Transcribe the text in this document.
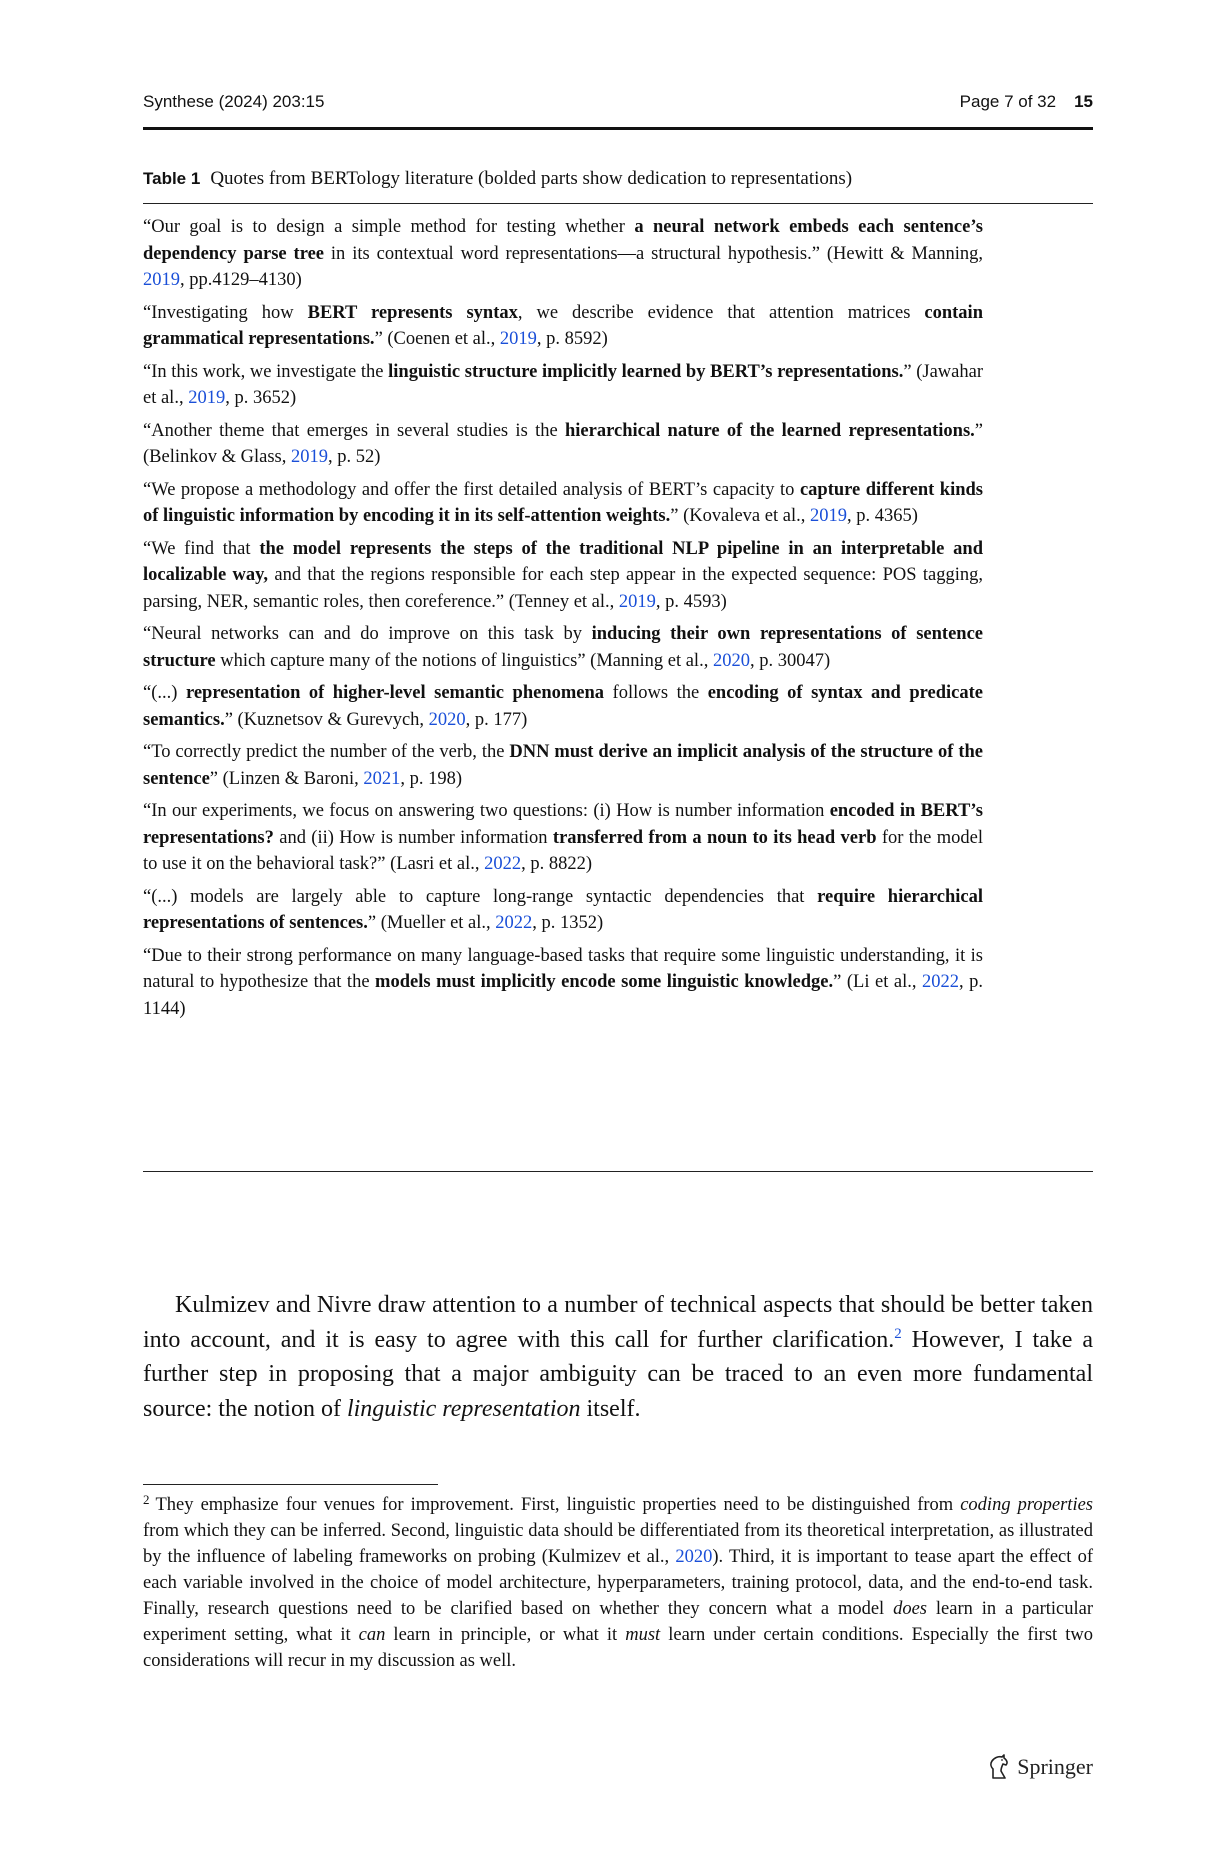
Synthese (2024) 203:15	Page 7 of 32 15
Table 1 Quotes from BERTology literature (bolded parts show dedication to representations)
“Our goal is to design a simple method for testing whether a neural network embeds each sentence’s dependency parse tree in its contextual word representations—a structural hypothesis.” (Hewitt & Manning, 2019, pp.4129–4130)
“Investigating how BERT represents syntax, we describe evidence that attention matrices contain grammatical representations.” (Coenen et al., 2019, p. 8592)
“In this work, we investigate the linguistic structure implicitly learned by BERT’s representations.” (Jawahar et al., 2019, p. 3652)
“Another theme that emerges in several studies is the hierarchical nature of the learned representations.” (Belinkov & Glass, 2019, p. 52)
“We propose a methodology and offer the first detailed analysis of BERT’s capacity to capture different kinds of linguistic information by encoding it in its self-attention weights.” (Kovaleva et al., 2019, p. 4365)
“We find that the model represents the steps of the traditional NLP pipeline in an interpretable and localizable way, and that the regions responsible for each step appear in the expected sequence: POS tagging, parsing, NER, semantic roles, then coreference.” (Tenney et al., 2019, p. 4593)
“Neural networks can and do improve on this task by inducing their own representations of sentence structure which capture many of the notions of linguistics” (Manning et al., 2020, p. 30047)
“(...) representation of higher-level semantic phenomena follows the encoding of syntax and predicate semantics.” (Kuznetsov & Gurevych, 2020, p. 177)
“To correctly predict the number of the verb, the DNN must derive an implicit analysis of the structure of the sentence” (Linzen & Baroni, 2021, p. 198)
“In our experiments, we focus on answering two questions: (i) How is number information encoded in BERT’s representations? and (ii) How is number information transferred from a noun to its head verb for the model to use it on the behavioral task?” (Lasri et al., 2022, p. 8822)
“(...) models are largely able to capture long-range syntactic dependencies that require hierarchical representations of sentences.” (Mueller et al., 2022, p. 1352)
“Due to their strong performance on many language-based tasks that require some linguistic understanding, it is natural to hypothesize that the models must implicitly encode some linguistic knowledge.” (Li et al., 2022, p. 1144)
Kulmizev and Nivre draw attention to a number of technical aspects that should be better taken into account, and it is easy to agree with this call for further clarification.$^2$ However, I take a further step in proposing that a major ambiguity can be traced to an even more fundamental source: the notion of linguistic representation itself.
$^2$ They emphasize four venues for improvement. First, linguistic properties need to be distinguished from coding properties from which they can be inferred. Second, linguistic data should be differentiated from its theoretical interpretation, as illustrated by the influence of labeling frameworks on probing (Kulmizev et al., 2020). Third, it is important to tease apart the effect of each variable involved in the choice of model architecture, hyperparameters, training protocol, data, and the end-to-end task. Finally, research questions need to be clarified based on whether they concern what a model does learn in a particular experiment setting, what it can learn in principle, or what it must learn under certain conditions. Especially the first two considerations will recur in my discussion as well.
Springer
